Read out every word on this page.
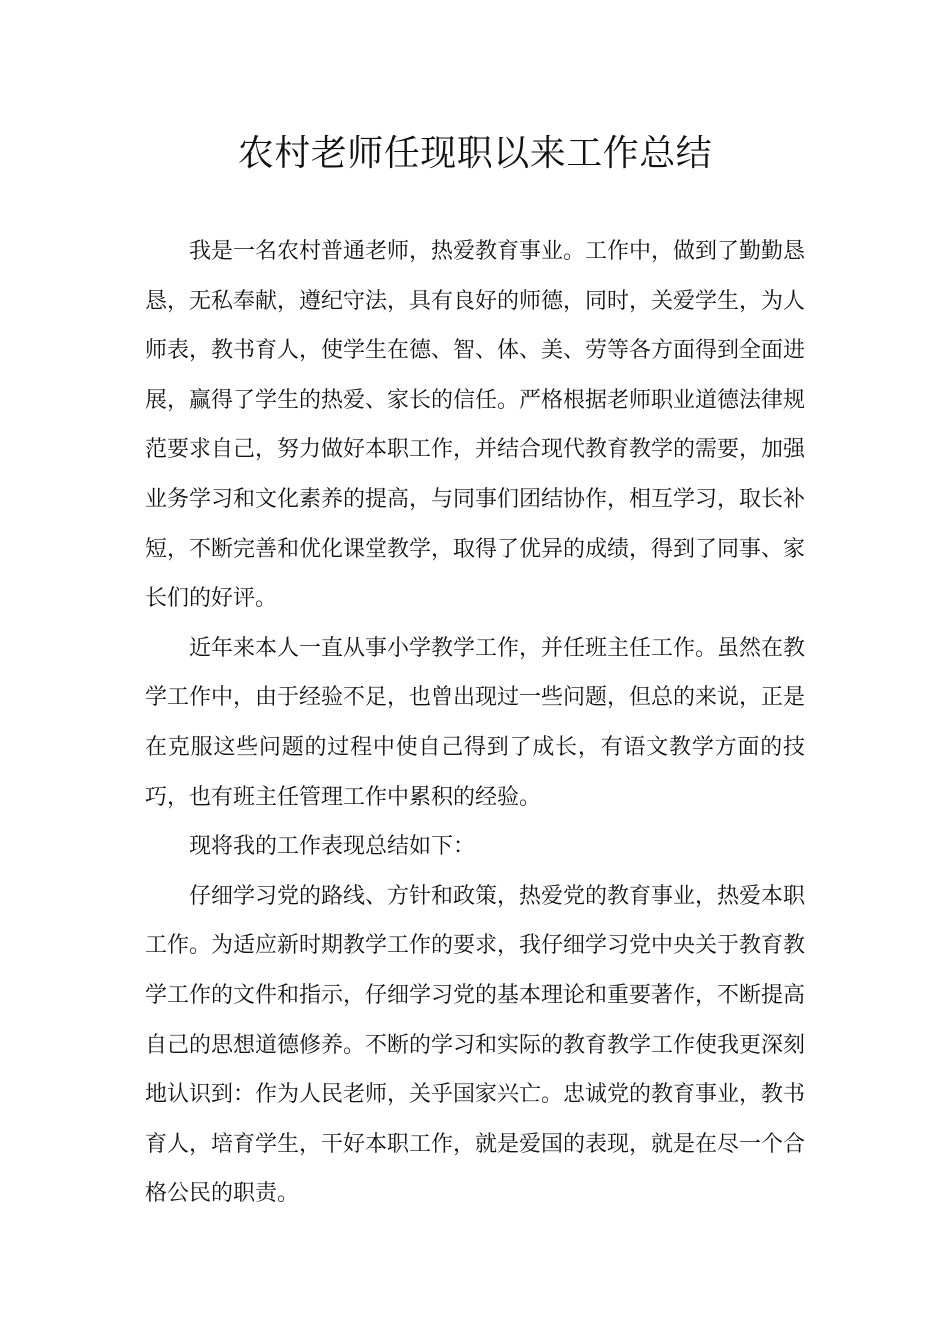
农村老师任现职以来工作总结

我是一名农村普通老师，热爱教育事业。工作中，做到了勤勤恳恳，无私奉献，遵纪守法，具有良好的师德，同时，关爱学生，为人师表，教书育人，使学生在德、智、体、美、劳等各方面得到全面进展，赢得了学生的热爱、家长的信任。严格根据老师职业道德法律规范要求自己，努力做好本职工作，并结合现代教育教学的需要，加强业务学习和文化素养的提高，与同事们团结协作，相互学习，取长补短，不断完善和优化课堂教学，取得了优异的成绩，得到了同事、家长们的好评。

近年来本人一直从事小学教学工作，并任班主任工作。虽然在教学工作中，由于经验不足，也曾出现过一些问题，但总的来说，正是在克服这些问题的过程中使自己得到了成长，有语文教学方面的技巧，也有班主任管理工作中累积的经验。

现将我的工作表现总结如下：

仔细学习党的路线、方针和政策，热爱党的教育事业，热爱本职工作。为适应新时期教学工作的要求，我仔细学习党中央关于教育教学工作的文件和指示，仔细学习党的基本理论和重要著作，不断提高自己的思想道德修养。不断的学习和实际的教育教学工作使我更深刻地认识到：作为人民老师，关乎国家兴亡。忠诚党的教育事业，教书育人，培育学生，干好本职工作，就是爱国的表现，就是在尽一个合格公民的职责。
